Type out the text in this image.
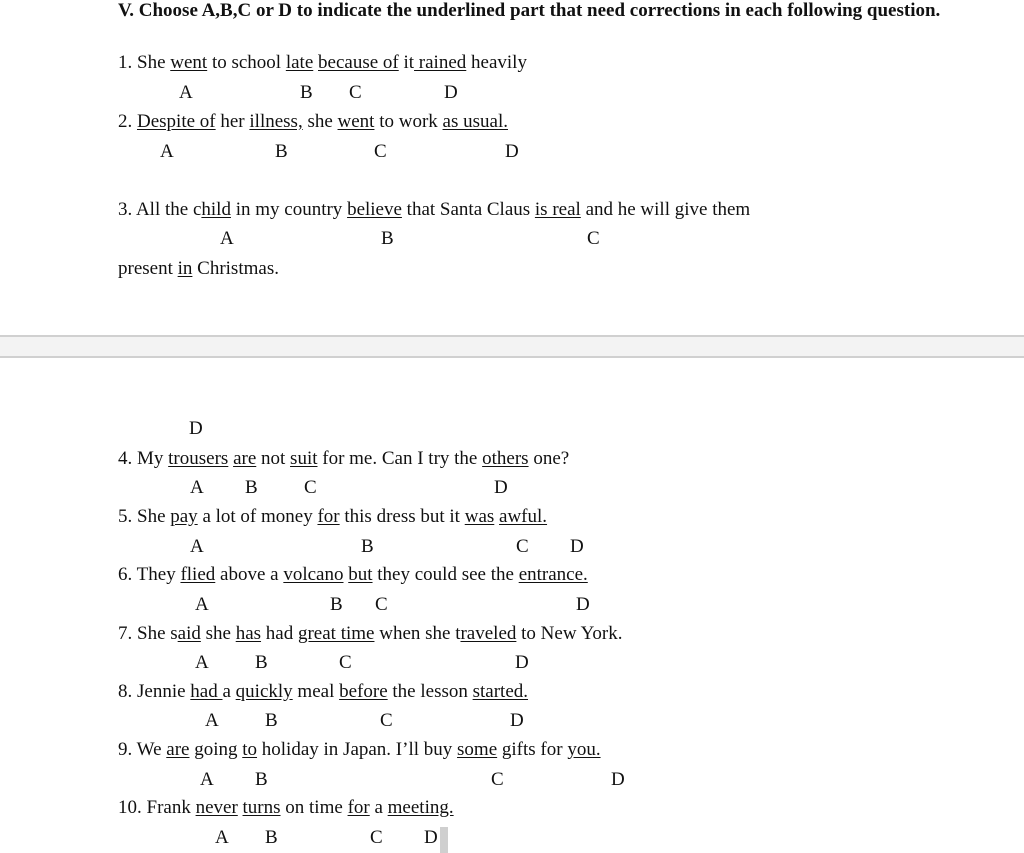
V. Choose A,B,C or D to indicate the underlined part that need corrections in each following question.
1. She went to school late because of it rained heavily
A	B C	D
2. Despite of her illness, she went to work as usual.
A	B	C	D
3. All the child in my country believe that Santa Claus is real and he will give them
A	B	C
present in Christmas.
D
4. My trousers are not suit for me. Can I try the others one?
A B C	D
5. She pay a lot of money for this dress but it was awful.
A	B	C D
6. They flied above a volcano but they could see the entrance.
A	B C	D
7. She said she has had great time when she traveled to New York.
A B	C	D
8. Jennie had a quickly meal before the lesson started.
A B	C	D
9. We are going to holiday in Japan. I’ll buy some gifts for you.
A B	C	D
10. Frank never turns on time for a meeting.
A B	C D
